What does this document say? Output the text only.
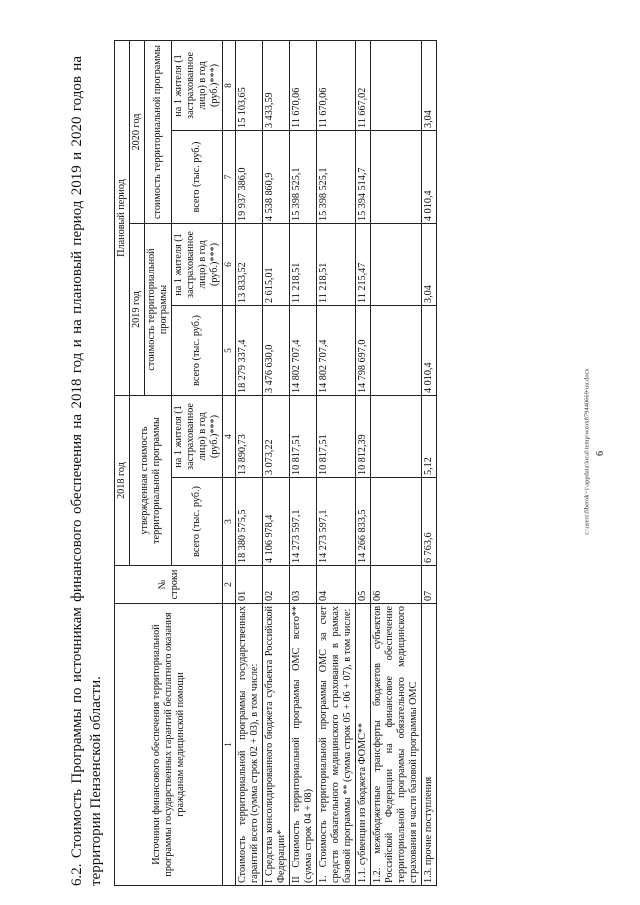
6
c:\users\fiberok~1\appdata\local\temp\wzox879440669-uu.docx

6.2. Стоимость Программы по источникам финансового обеспечения на 2018 год и на плановый период 2019 и 2020 годов на территории Пензенской области.	Источники финансового обеспечения территориальной программы государственных гарантий бесплатного оказания гражданам медицинской помощи	№ строки	2018 год		Плановый период			
		утвержденная стоимость территориальной программы		2019 год		2020 год	
				стоимость территориальной программы		стоимость территориальной программы	
		всего (тыс. руб.)	на 1 жителя (1 застрахованное лицо) в год (руб.)***)	всего (тыс. руб.)	на 1 жителя (1 застрахованное лицо) в год (руб.)***)	всего (тыс. руб.)	на 1 жителя (1 застрахованное лицо) в год (руб.)***)
1	2	3	4	5	6	7	8
Стоимость территориальной программы государственных гарантий всего (сумма строк 02 + 03), в том числе:	01	18 380 575,5	13 890,73	18 279 337,4	13 833,52	19 937 386,0	15 103,65
I Средства консолидированного бюджета субъекта Российской Федерации*	02	4 106 978,4	3 073,22	3 476 630,0	2 615,01	4 538 860,9	3 433,59
II Стоимость территориальной программы ОМС всего** (сумма строк 04 + 08)	03	14 273 597,1	10 817,51	14 802 707,4	11 218,51	15 398 525,1	11 670,06
1. Стоимость территориальной программы ОМС за счет средств обязательного медицинского страхования в рамках базовой программы ** (сумма строк 05 + 06 + 07), в том числе:	04	14 273 597,1	10 817,51	14 802 707,4	11 218,51	15 398 525,1	11 670,06
1.1. субвенции из бюджета ФОМС**	05	14 266 833,5	10 812,39	14 798 697,0	11 215,47	15 394 514,7	11 667,02
1.2. межбюджетные трансферты бюджетов субъектов Российской Федерации на финансовое обеспечение территориальной программы обязательного медицинского страхования в части базовой программы ОМС	06						
1.3. прочие поступления	07	6 763,6	5,12	4 010,4	3,04	4 010,4	3,04
